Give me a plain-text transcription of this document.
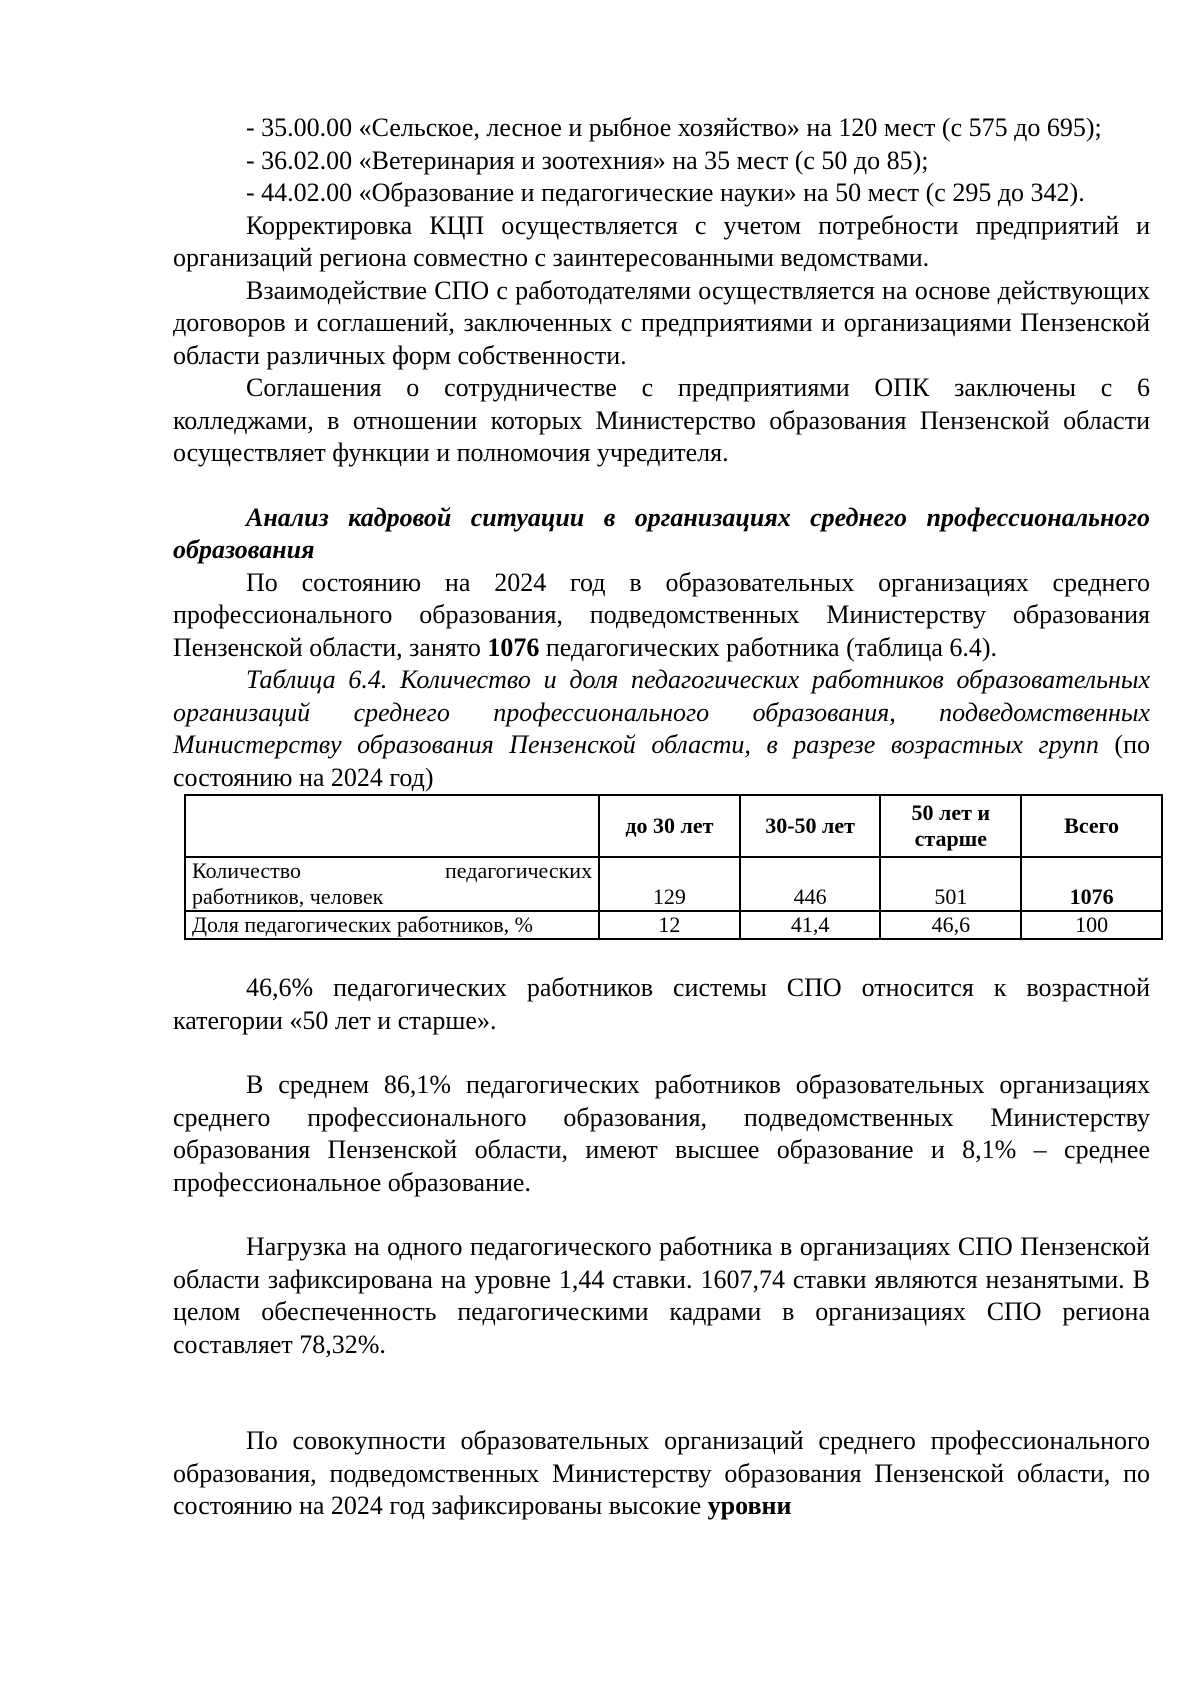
- 35.00.00 «Сельское, лесное и рыбное хозяйство» на 120 мест (с 575 до 695);

- 36.02.00 «Ветеринария и зоотехния» на 35 мест (с 50 до 85);

- 44.02.00 «Образование и педагогические науки» на 50 мест (с 295 до 342).

Корректировка КЦП осуществляется с учетом потребности предприятий и организаций региона совместно с заинтересованными ведомствами.

Взаимодействие СПО с работодателями осуществляется на основе действующих договоров и соглашений, заключенных с предприятиями и организациями Пензенской области различных форм собственности.

Соглашения о сотрудничестве с предприятиями ОПК заключены с 6 колледжами, в отношении которых Министерство образования Пензенской области осуществляет функции и полномочия учредителя.

Анализ кадровой ситуации в организациях среднего профессионального образования

По состоянию на 2024 год в образовательных организациях среднего профессионального образования, подведомственных Министерству образования Пензенской области, занято 1076 педагогических работника (таблица 6.4).

Таблица 6.4. Количество и доля педагогических работников образовательных организаций среднего профессионального образования, подведомственных Министерству образования Пензенской области, в разрезе возрастных групп (по состоянию на 2024 год)

	до 30 лет	30-50 лет	50 лет и старше	Всего

Количество педагогических
работников, человек	129	446	501	1076
Доля педагогических работников, %	12	41,4	46,6	100

46,6% педагогических работников системы СПО относится к возрастной категории «50 лет и старше».

В среднем 86,1% педагогических работников образовательных организациях среднего профессионального образования, подведомственных Министерству образования Пензенской области, имеют высшее образование и 8,1% – среднее профессиональное образование.

Нагрузка на одного педагогического работника в организациях СПО Пензенской области зафиксирована на уровне 1,44 ставки. 1607,74 ставки являются незанятыми. В целом обеспеченность педагогическими кадрами в организациях СПО региона составляет 78,32%.

По совокупности образовательных организаций среднего профессионального образования, подведомственных Министерству образования Пензенской области, по состоянию на 2024 год зафиксированы высокие уровни
